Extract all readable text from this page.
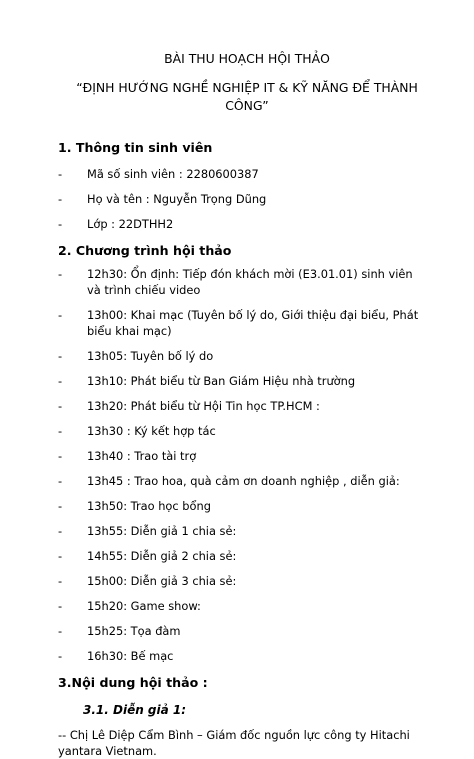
BÀI THU HOẠCH HỘI THẢO
“ĐỊNH HƯỚNG NGHỀ NGHIỆP IT & KỸ NĂNG ĐỂ THÀNH CÔNG”
1. Thông tin sinh viên
- Mã số sinh viên : 2280600387
- Họ và tên : Nguyễn Trọng Dũng
- Lớp : 22DTHH2
2. Chương trình hội thảo
- 12h30: Ổn định: Tiếp đón khách mời (E3.01.01) sinh viên và trình chiếu video
- 13h00: Khai mạc (Tuyên bố lý do, Giới thiệu đại biểu, Phát biểu khai mạc)
- 13h05: Tuyên bố lý do
- 13h10: Phát biểu từ Ban Giám Hiệu nhà trường
- 13h20: Phát biểu từ Hội Tin học TP.HCM :
- 13h30 : Ký kết hợp tác
- 13h40 : Trao tài trợ
- 13h45 : Trao hoa, quà cảm ơn doanh nghiệp , diễn giả:
- 13h50: Trao học bổng
- 13h55: Diễn giả 1 chia sẻ:
- 14h55: Diễn giả 2 chia sẻ:
- 15h00: Diễn giả 3 chia sẻ:
- 15h20: Game show:
- 15h25: Tọa đàm
- 16h30: Bế mạc
3.Nội dung hội thảo :
3.1. Diễn giả 1:
-- Chị Lê Diệp Cẩm Bình – Giám đốc nguồn lực công ty Hitachi yantara Vietnam.
